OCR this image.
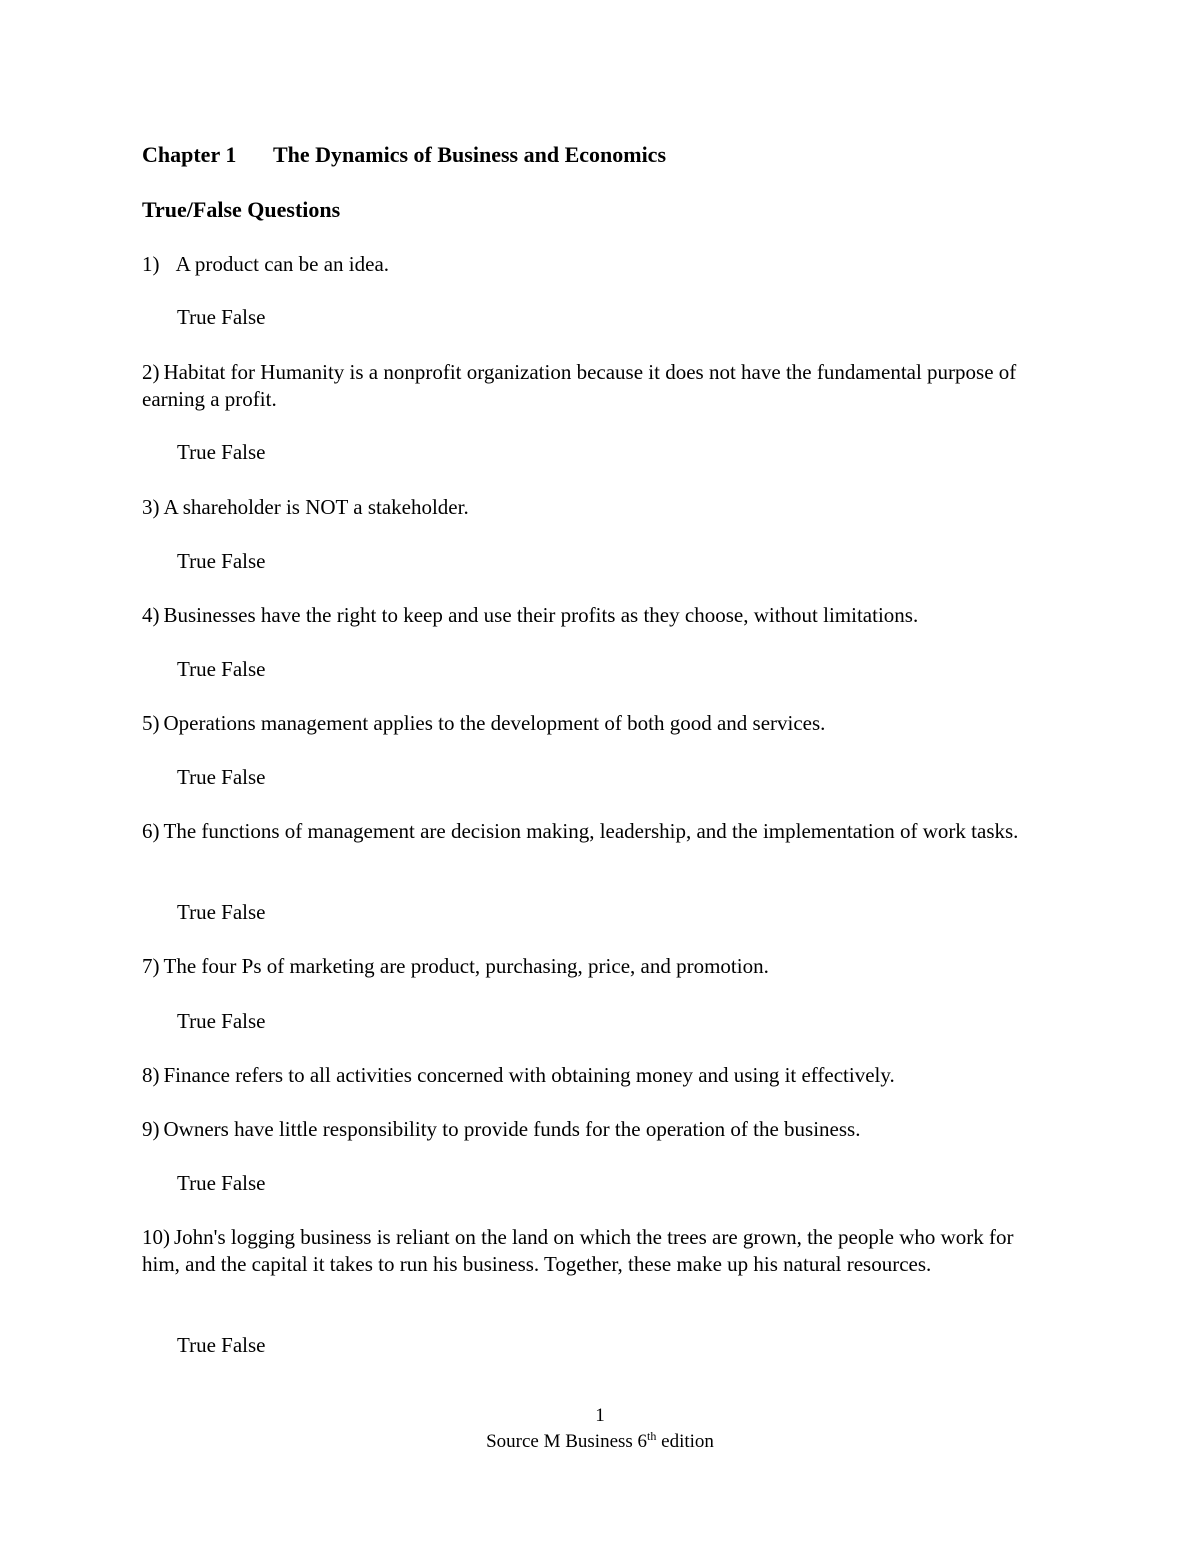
Chapter 1 The Dynamics of Business and Economics
True/False Questions
1) A product can be an idea.
True False
2) Habitat for Humanity is a nonprofit organization because it does not have the fundamental purpose of earning a profit.
True False
3) A shareholder is NOT a stakeholder.
True False
4) Businesses have the right to keep and use their profits as they choose, without limitations.
True False
5) Operations management applies to the development of both good and services.
True False
6) The functions of management are decision making, leadership, and the implementation of work tasks.
True False
7) The four Ps of marketing are product, purchasing, price, and promotion.
True False
8) Finance refers to all activities concerned with obtaining money and using it effectively.
9) Owners have little responsibility to provide funds for the operation of the business.
True False
10) John's logging business is reliant on the land on which the trees are grown, the people who work for him, and the capital it takes to run his business. Together, these make up his natural resources.
True False
1
Source M Business 6th edition
